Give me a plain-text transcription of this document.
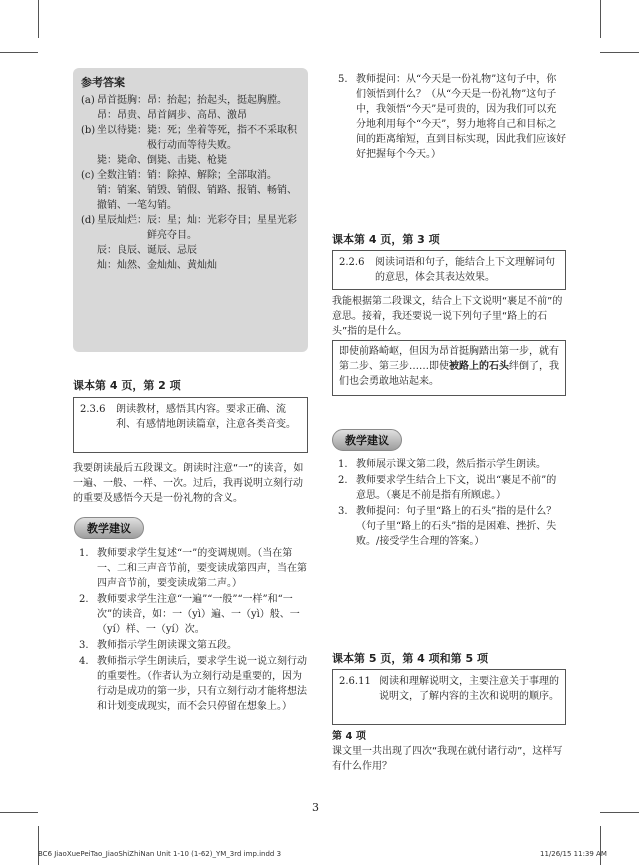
参考答案
(a) 昂首挺胸： 昂：抬起；抬起头，挺起胸膛。

昂：昂贵、昂首阔步、高昂、激昂

(b) 坐以待毙： 毙：死；坐着等死，指不不采取积极行动而等待失败。

毙：毙命、倒毙、击毙、枪毙

(c) 全数注销： 销：除掉、解除；全部取消。

销：销案、销毁、销假、销路、报销、畅销、撤销、一笔勾销。

(d) 星辰灿烂： 辰：星；灿：光彩夺目；星星光彩鲜亮夺目。

辰：良辰、诞辰、忌辰

灿：灿然、金灿灿、黄灿灿

课本第 4 页，第 2 项
2.3.6	朗读教材，感悟其内容。要求正确、流利、有感情地朗读篇章，注意各类音变。
我要朗读最后五段课文。朗读时注意“一”的读音，如一遍、一般、一样、一次。过后，我再说明立刻行动的重要及感悟今天是一份礼物的含义。
教学建议
1. 教师要求学生复述“一”的变调规则。（当在第一、二和三声音节前，要变读成第四声，当在第四声音节前，要变读成第二声。）
2. 教师要求学生注意“一遍”“一般”“一样”和“一次”的读音，如：一（yì）遍、一（yì）般、一（yí）样、一（yí）次。
3. 教师指示学生朗读课文第五段。
4. 教师指示学生朗读后，要求学生说一说立刻行动的重要性。（作者认为立刻行动是重要的，因为行动是成功的第一步，只有立刻行动才能将想法和计划变成现实，而不会只停留在想象上。）
5. 教师提问：从“今天是一份礼物”这句子中，你们领悟到什么？（从“今天是一份礼物”这句子中，我领悟“今天”是可贵的，因为我们可以充分地利用每个“今天”，努力地将自己和目标之间的距离缩短，直到目标实现，因此我们应该好好把握每个今天。）
课本第 4 页，第 3 项
2.2.6	阅读词语和句子，能结合上下文理解词句的意思，体会其表达效果。
我能根据第二段课文，结合上下文说明“裹足不前”的意思。接着，我还要说一说下列句子里“路上的石头”指的是什么。
即使前路崎岖，但因为昂首挺胸踏出第一步，就有第二步、第三步……即使被路上的石头绊倒了，我们也会勇敢地站起来。
教学建议
1. 教师展示课文第二段，然后指示学生朗读。
2. 教师要求学生结合上下文，说出“裹足不前”的意思。（裹足不前是指有所顾虑。）
3. 教师提问：句子里“路上的石头”指的是什么？（句子里“路上的石头”指的是困难、挫折、失败。/接受学生合理的答案。）
课本第 5 页，第 4 项和第 5 项
2.6.11 阅读和理解说明文，主要注意关于事理的说明文，了解内容的主次和说明的顺序。
第 4 项
课文里一共出现了四次“我现在就付诸行动”，这样写有什么作用？
3
BC6 JiaoXuePeiTao_JiaoShiZhiNan Unit 1-10 (1-62)_YM_3rd imp.indd 3	11/26/15 11:39 AM
